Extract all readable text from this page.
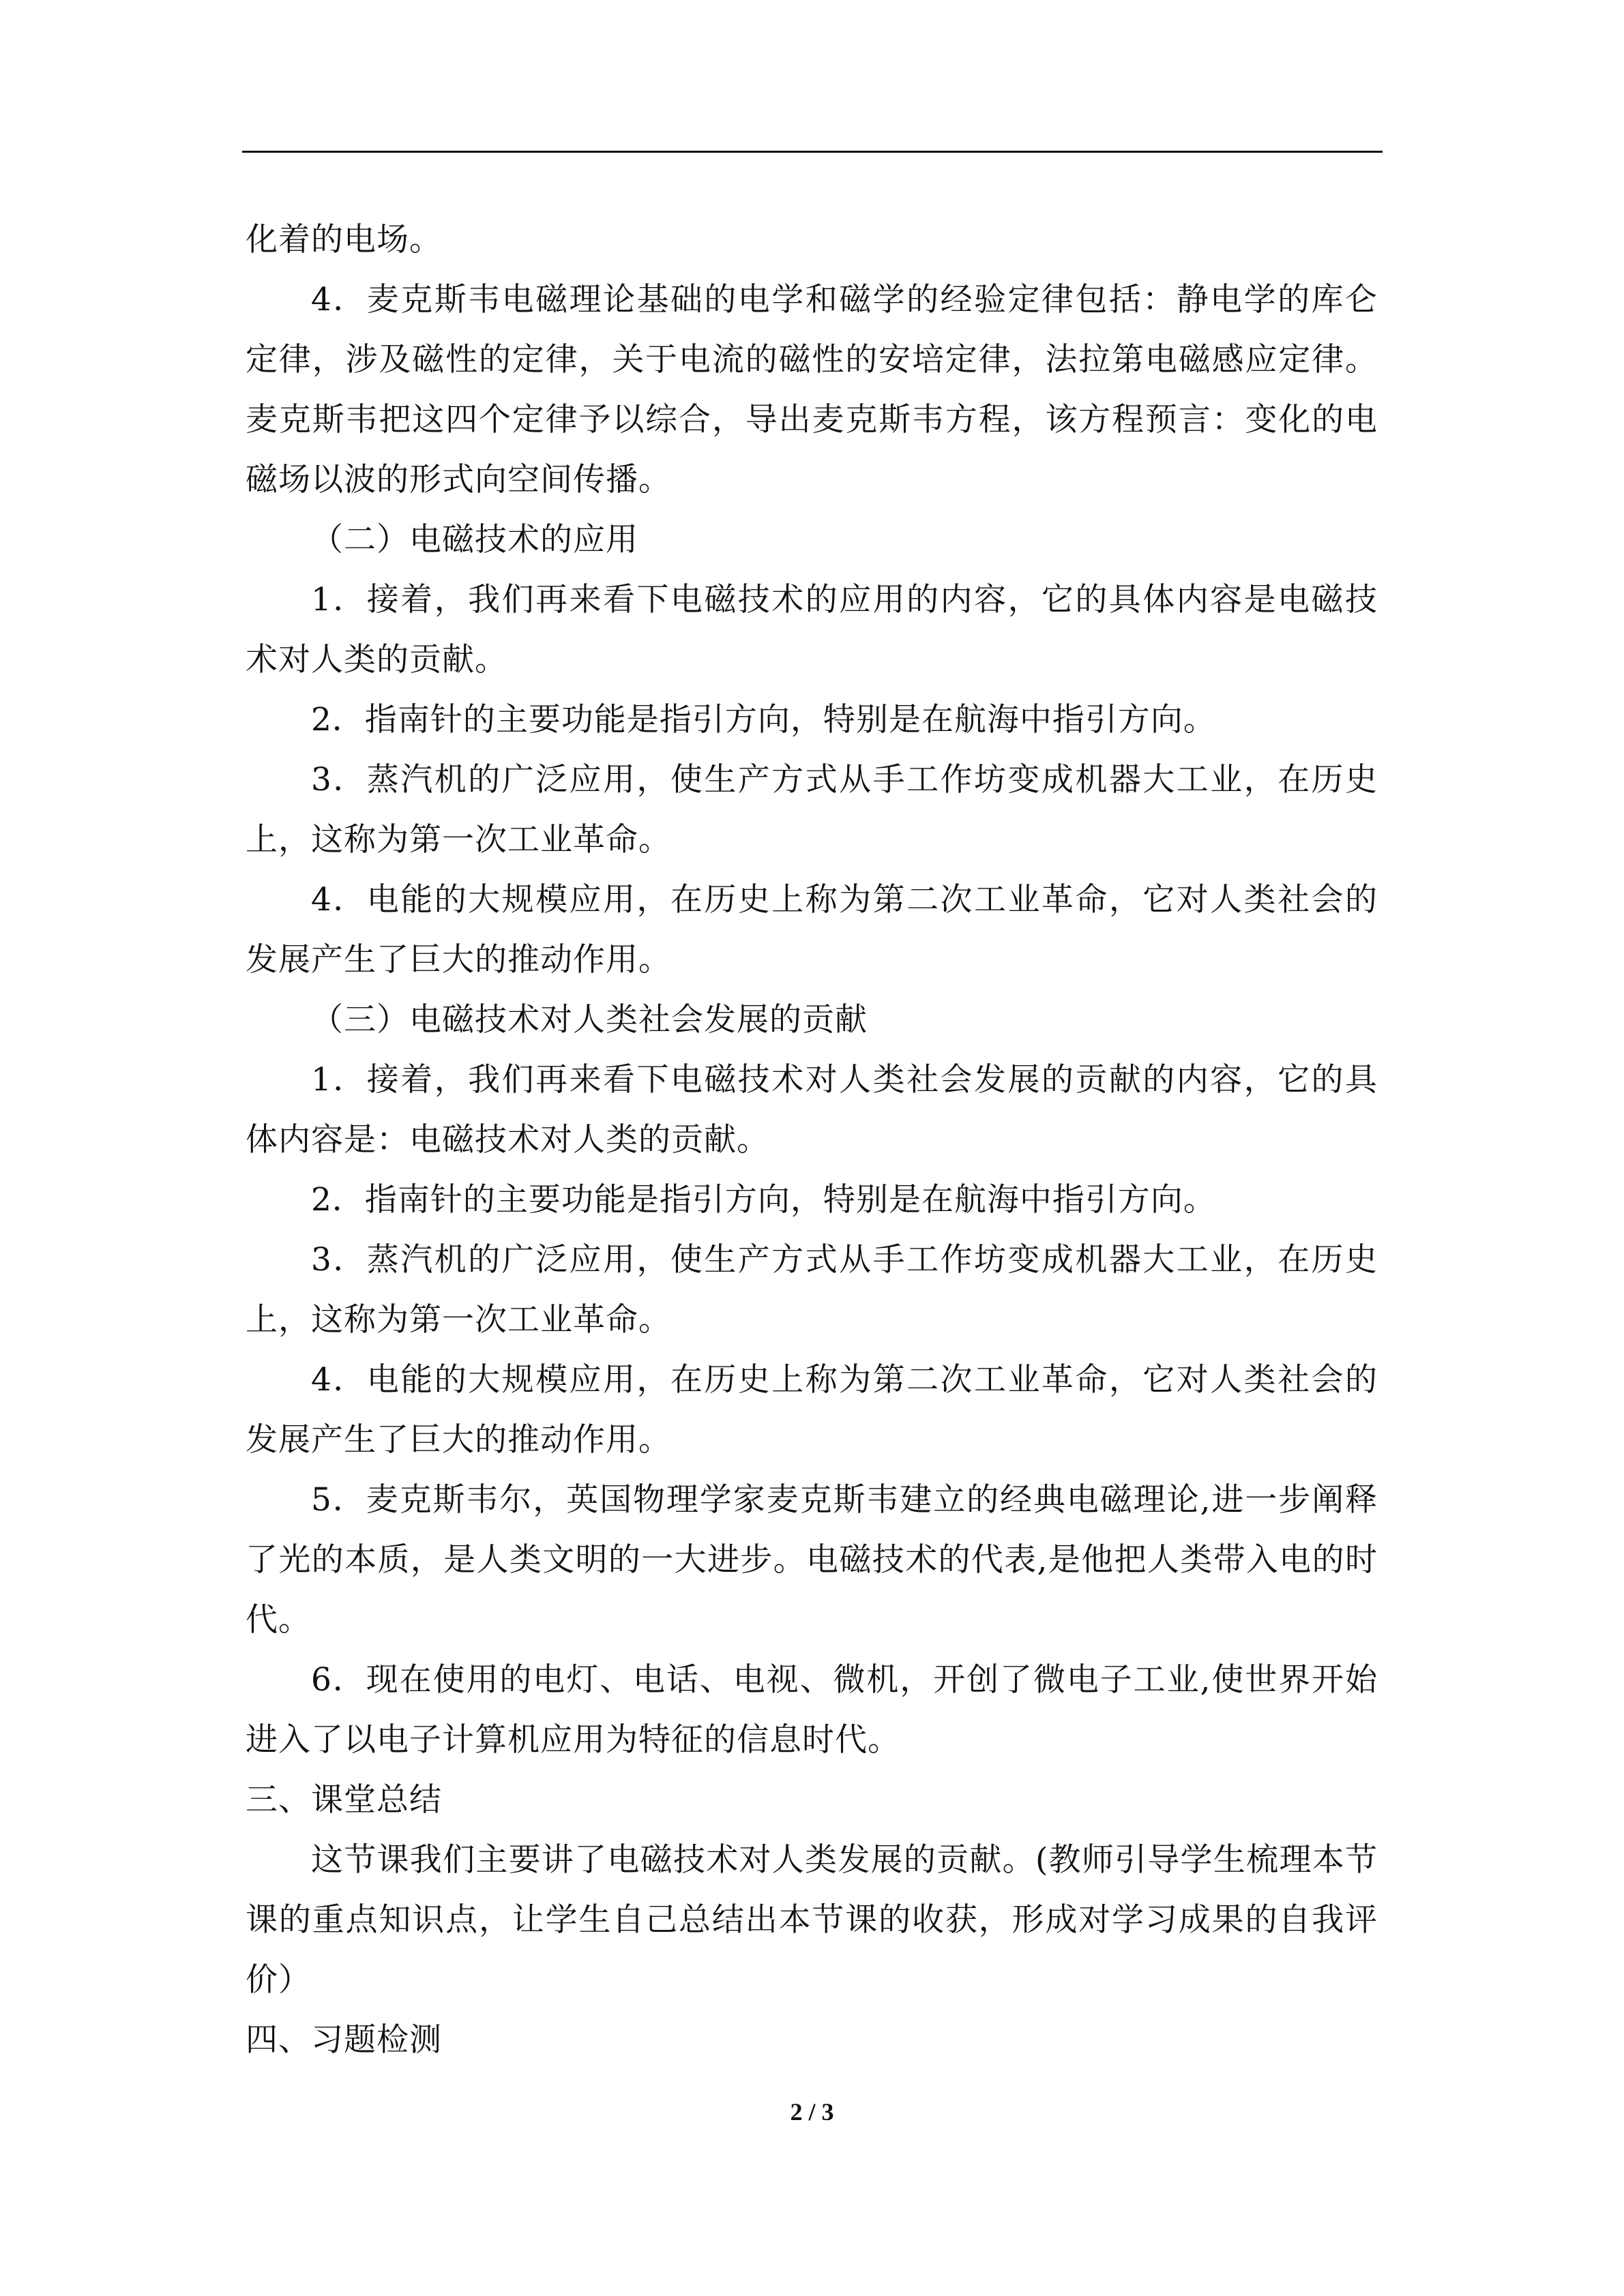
化着的电场。

4．麦克斯韦电磁理论基础的电学和磁学的经验定律包括：静电学的库仑定律，涉及磁性的定律，关于电流的磁性的安培定律，法拉第电磁感应定律。麦克斯韦把这四个定律予以综合，导出麦克斯韦方程，该方程预言：变化的电磁场以波的形式向空间传播。

（二）电磁技术的应用

1．接着，我们再来看下电磁技术的应用的内容，它的具体内容是电磁技术对人类的贡献。

2．指南针的主要功能是指引方向，特别是在航海中指引方向。

3．蒸汽机的广泛应用，使生产方式从手工作坊变成机器大工业，在历史上，这称为第一次工业革命。

4．电能的大规模应用，在历史上称为第二次工业革命，它对人类社会的发展产生了巨大的推动作用。

（三）电磁技术对人类社会发展的贡献

1．接着，我们再来看下电磁技术对人类社会发展的贡献的内容，它的具体内容是：电磁技术对人类的贡献。

2．指南针的主要功能是指引方向，特别是在航海中指引方向。

3．蒸汽机的广泛应用，使生产方式从手工作坊变成机器大工业，在历史上，这称为第一次工业革命。

4．电能的大规模应用，在历史上称为第二次工业革命，它对人类社会的发展产生了巨大的推动作用。

5．麦克斯韦尔，英国物理学家麦克斯韦建立的经典电磁理论,进一步阐释了光的本质，是人类文明的一大进步。电磁技术的代表,是他把人类带入电的时代。

6．现在使用的电灯、电话、电视、微机，开创了微电子工业,使世界开始进入了以电子计算机应用为特征的信息时代。

三、课堂总结

这节课我们主要讲了电磁技术对人类发展的贡献。(教师引导学生梳理本节课的重点知识点，让学生自己总结出本节课的收获，形成对学习成果的自我评价）

四、习题检测

2 / 3
